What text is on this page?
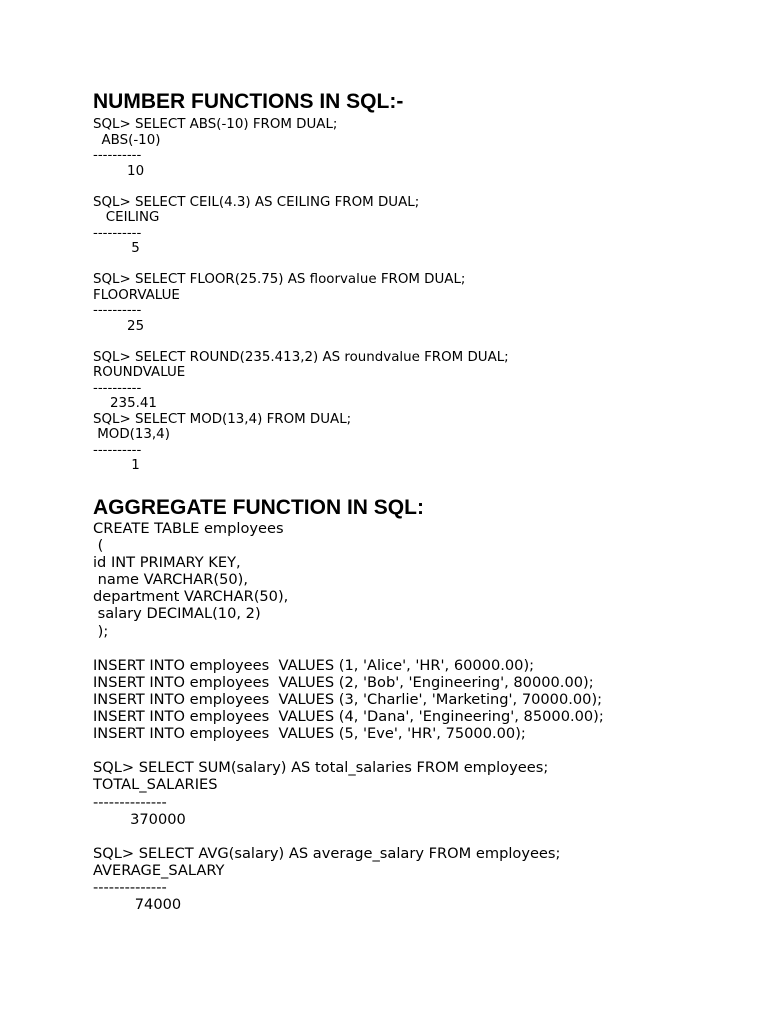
NUMBER FUNCTIONS IN SQL:-
SQL> SELECT ABS(-10) FROM DUAL;
ABS(-10)
----------
10

SQL> SELECT CEIL(4.3) AS CEILING FROM DUAL;
CEILING
----------
5

SQL> SELECT FLOOR(25.75) AS floorvalue FROM DUAL;
FLOORVALUE
----------
25

SQL> SELECT ROUND(235.413,2) AS roundvalue FROM DUAL;
ROUNDVALUE
----------
235.41
SQL> SELECT MOD(13,4) FROM DUAL;
MOD(13,4)
----------
1
AGGREGATE FUNCTION IN SQL:
CREATE TABLE employees
(
id INT PRIMARY KEY,
name VARCHAR(50),
department VARCHAR(50),
salary DECIMAL(10, 2)
);

INSERT INTO employees  VALUES (1, 'Alice', 'HR', 60000.00);
INSERT INTO employees  VALUES (2, 'Bob', 'Engineering', 80000.00);
INSERT INTO employees  VALUES (3, 'Charlie', 'Marketing', 70000.00);
INSERT INTO employees  VALUES (4, 'Dana', 'Engineering', 85000.00);
INSERT INTO employees  VALUES (5, 'Eve', 'HR', 75000.00);

SQL> SELECT SUM(salary) AS total_salaries FROM employees;
TOTAL_SALARIES
--------------
370000

SQL> SELECT AVG(salary) AS average_salary FROM employees;
AVERAGE_SALARY
--------------
74000
